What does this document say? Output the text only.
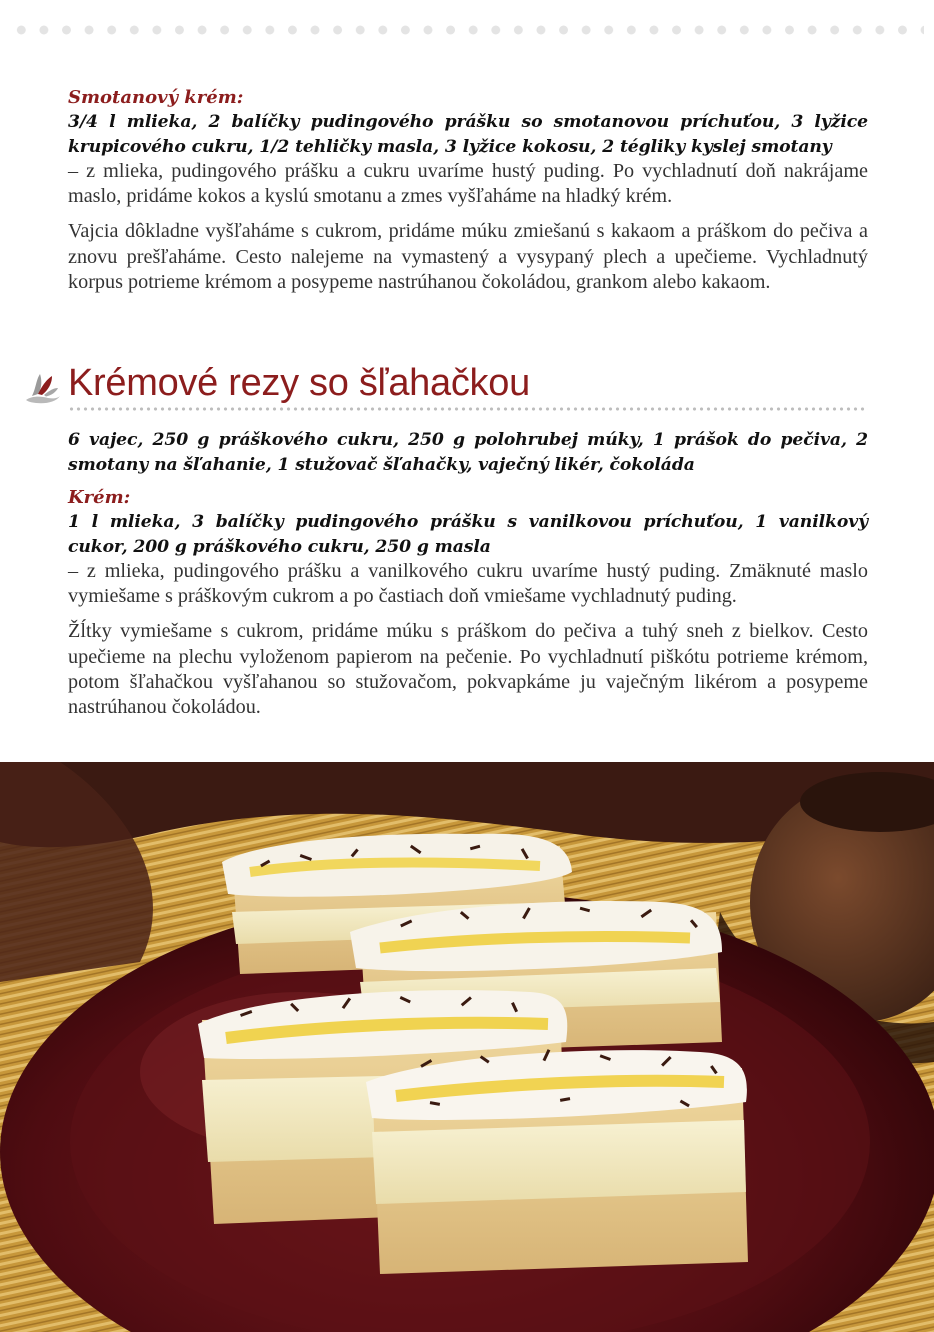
Smotanový krém:

3/4 l mlieka, 2 balíčky pudingového prášku so smotanovou príchuťou, 3 lyžice krupicového cukru, 1/2 tehličky masla, 3 lyžice kokosu, 2 tégliky kyslej smotany

– z mlieka, pudingového prášku a cukru uvaríme hustý puding. Po vychladnutí doň nakrájame maslo, pridáme kokos a kyslú smotanu a zmes vyšľaháme na hladký krém.

Vajcia dôkladne vyšľaháme s cukrom, pridáme múku zmiešanú s kakaom a práškom do pečiva a znovu prešľaháme. Cesto nalejeme na vymastený a vysypaný plech a upečieme. Vychladnutý korpus potrieme krémom a posypeme nastrúhanou čokoládou, grankom alebo kakaom.

Krémové rezy so šľahačkou

6 vajec, 250 g práškového cukru, 250 g polohrubej múky, 1 prášok do pečiva, 2 smotany na šľahanie, 1 stužovač šľahačky, vaječný likér, čokoláda

Krém:

1 l mlieka, 3 balíčky pudingového prášku s vanilkovou príchuťou, 1 vanilkový cukor, 200 g práškového cukru, 250 g masla

– z mlieka, pudingového prášku a vanilkového cukru uvaríme hustý puding. Zmäknuté maslo vymiešame s práškovým cukrom a po častiach doň vmiešame vychladnutý puding.

Žĺtky vymiešame s cukrom, pridáme múku s práškom do pečiva a tuhý sneh z bielkov. Cesto upečieme na plechu vyloženom papierom na pečenie. Po vychladnutí piškótu potrieme krémom, potom šľahačkou vyšľahanou so stužovačom, pokvapkáme ju vaječným likérom a posypeme nastrúhanou čokoládou.
